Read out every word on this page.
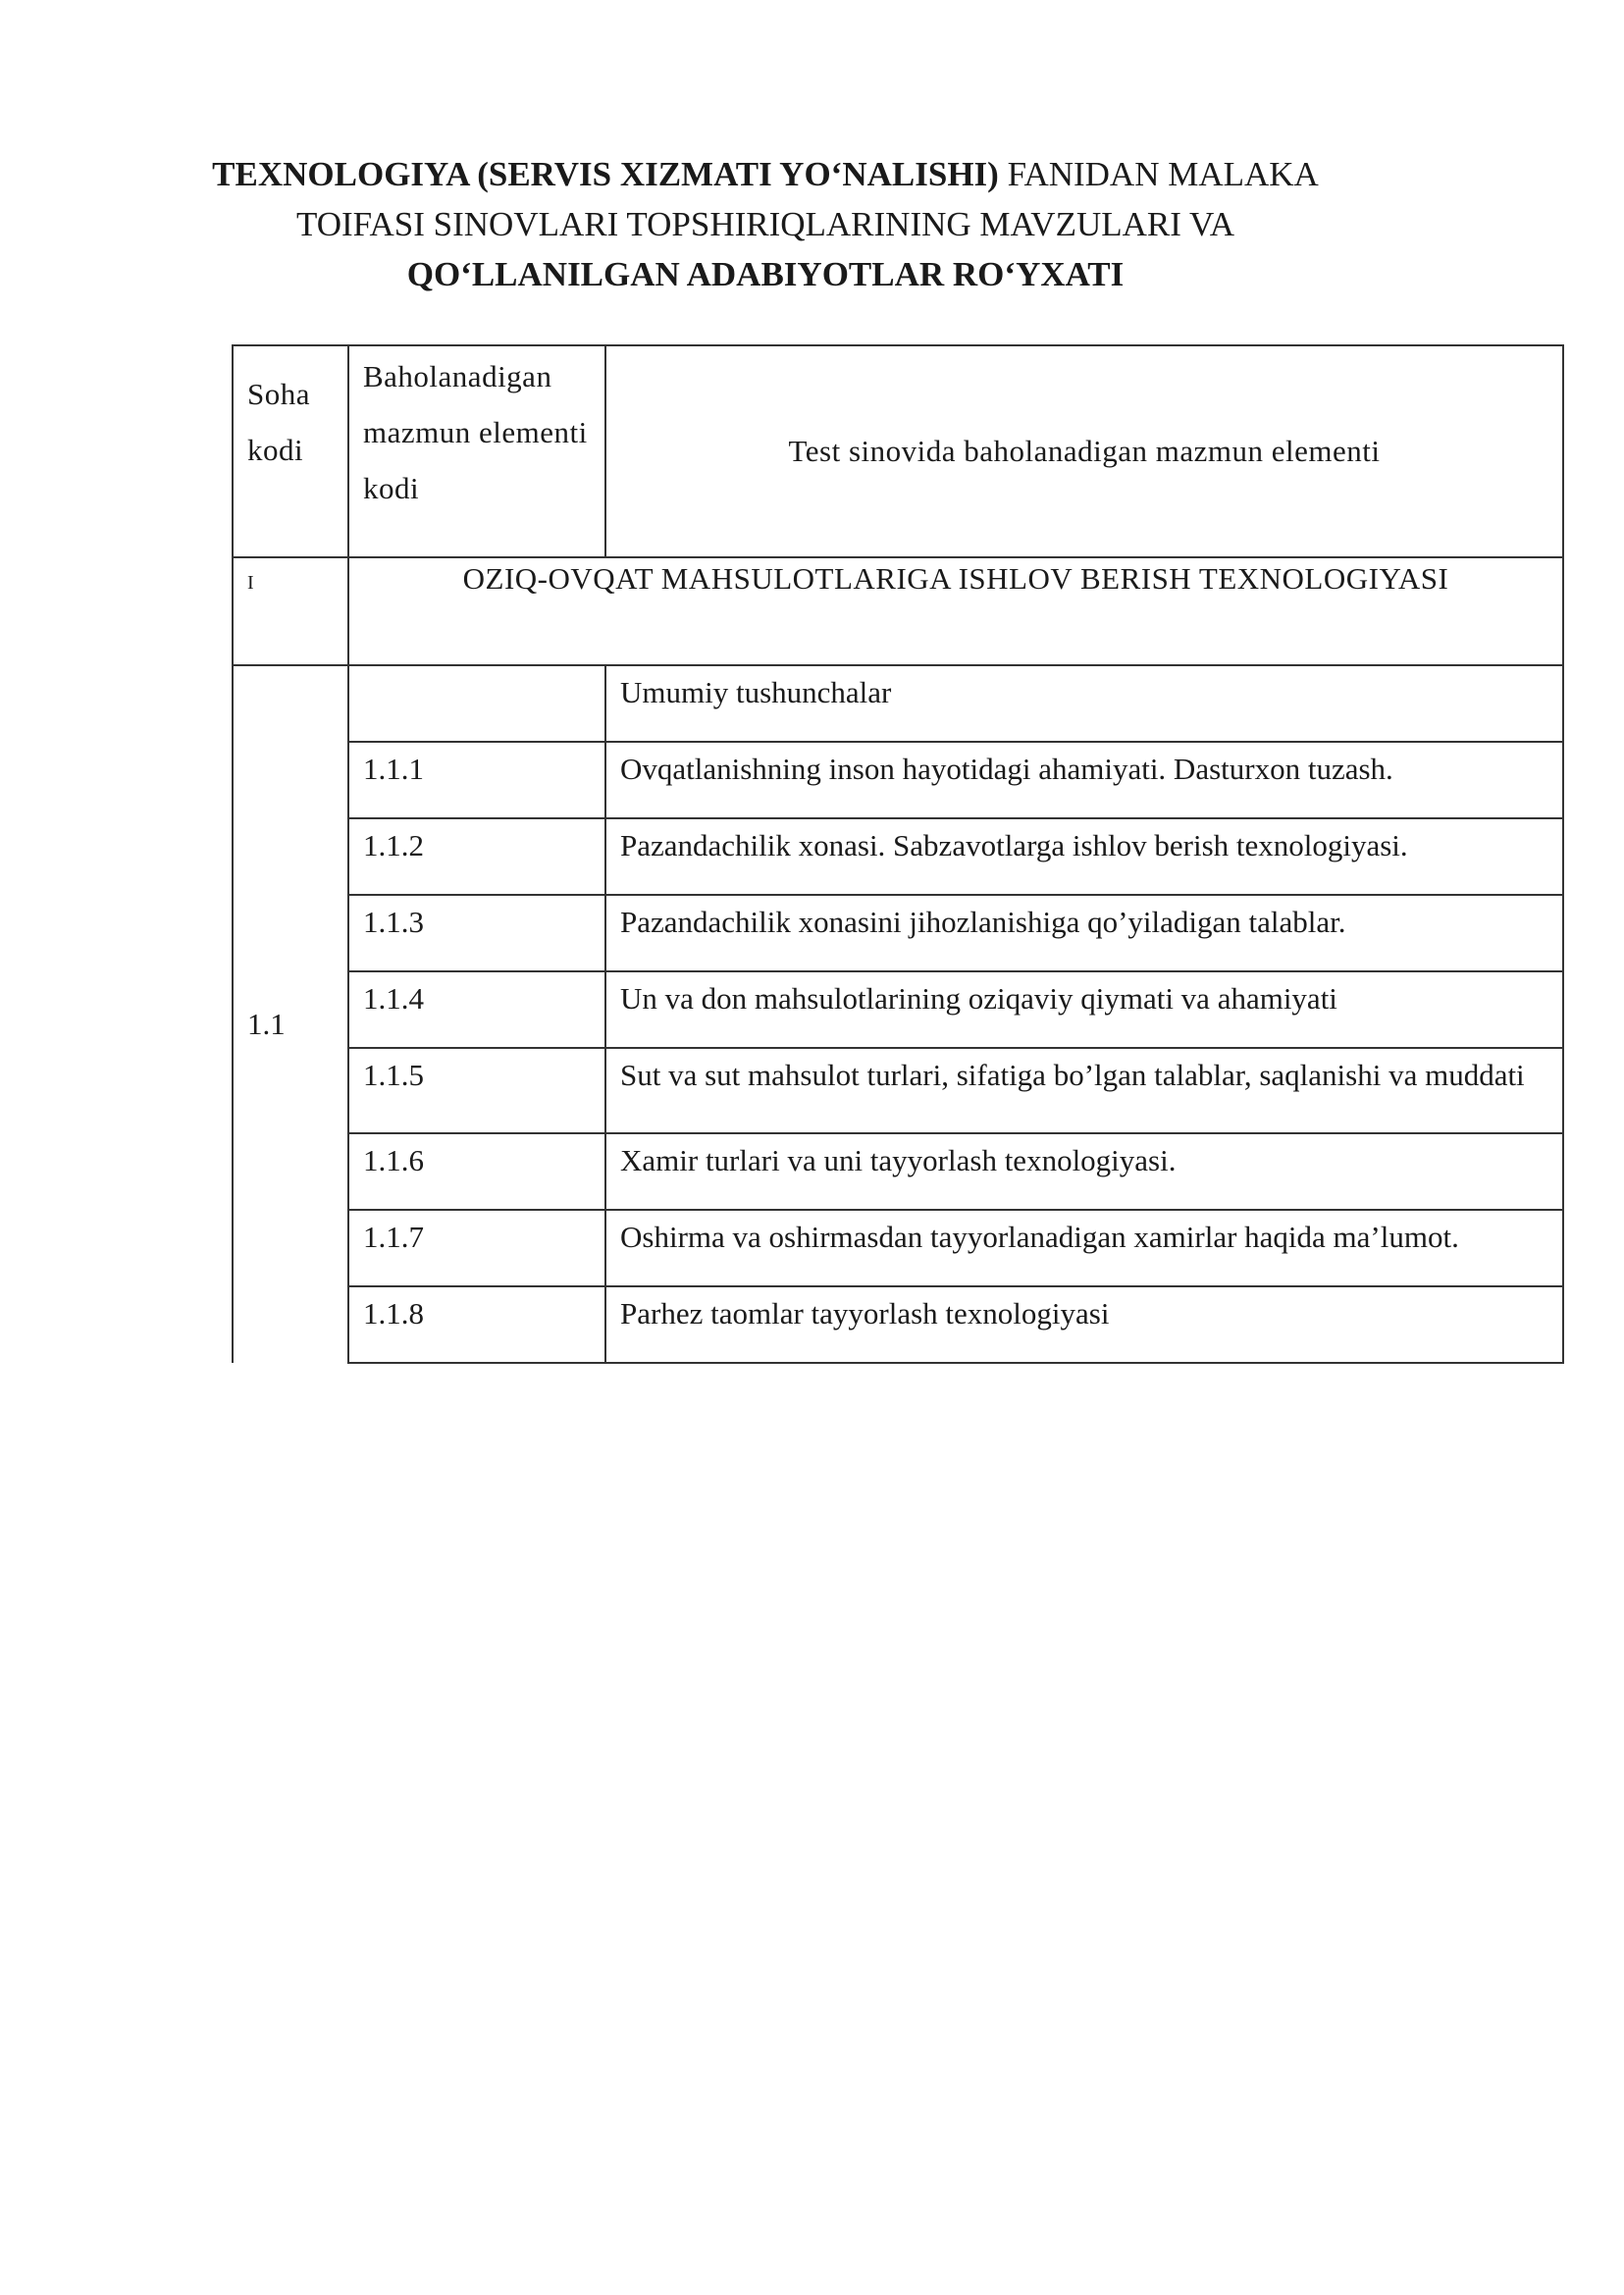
TEXNOLOGIYA (SERVIS XIZMATI YO‘NALISHI) FANIDAN MALAKA
TOIFASI SINOVLARI TOPSHIRIQLARINING MAVZULARI VA
QO‘LLANILGAN ADABIYOTLAR RO‘YXATI
Soha kodi	Baholanadigan mazmun elementi kodi	Test sinovida baholanadigan mazmun elementi
I	OZIQ-OVQAT MAHSULOTLARIGA ISHLOV BERISH TEXNOLOGIYASI	
1.1		Umumiy tushunchalar
	1.1.1	Ovqatlanishning inson hayotidagi ahamiyati. Dasturxon tuzash.
	1.1.2	Pazandachilik xonasi. Sabzavotlarga ishlov berish texnologiyasi.
	1.1.3	Pazandachilik xonasini jihozlanishiga qo’yiladigan talablar.
	1.1.4	Un va don mahsulotlarining oziqaviy qiymati va ahamiyati
	1.1.5	Sut va sut mahsulot turlari, sifatiga bo’lgan talablar, saqlanishi va muddati
	1.1.6	Xamir turlari va uni tayyorlash texnologiyasi.
	1.1.7	Oshirma va oshirmasdan tayyorlanadigan xamirlar haqida ma’lumot.
	1.1.8	Parhez taomlar tayyorlash texnologiyasi
